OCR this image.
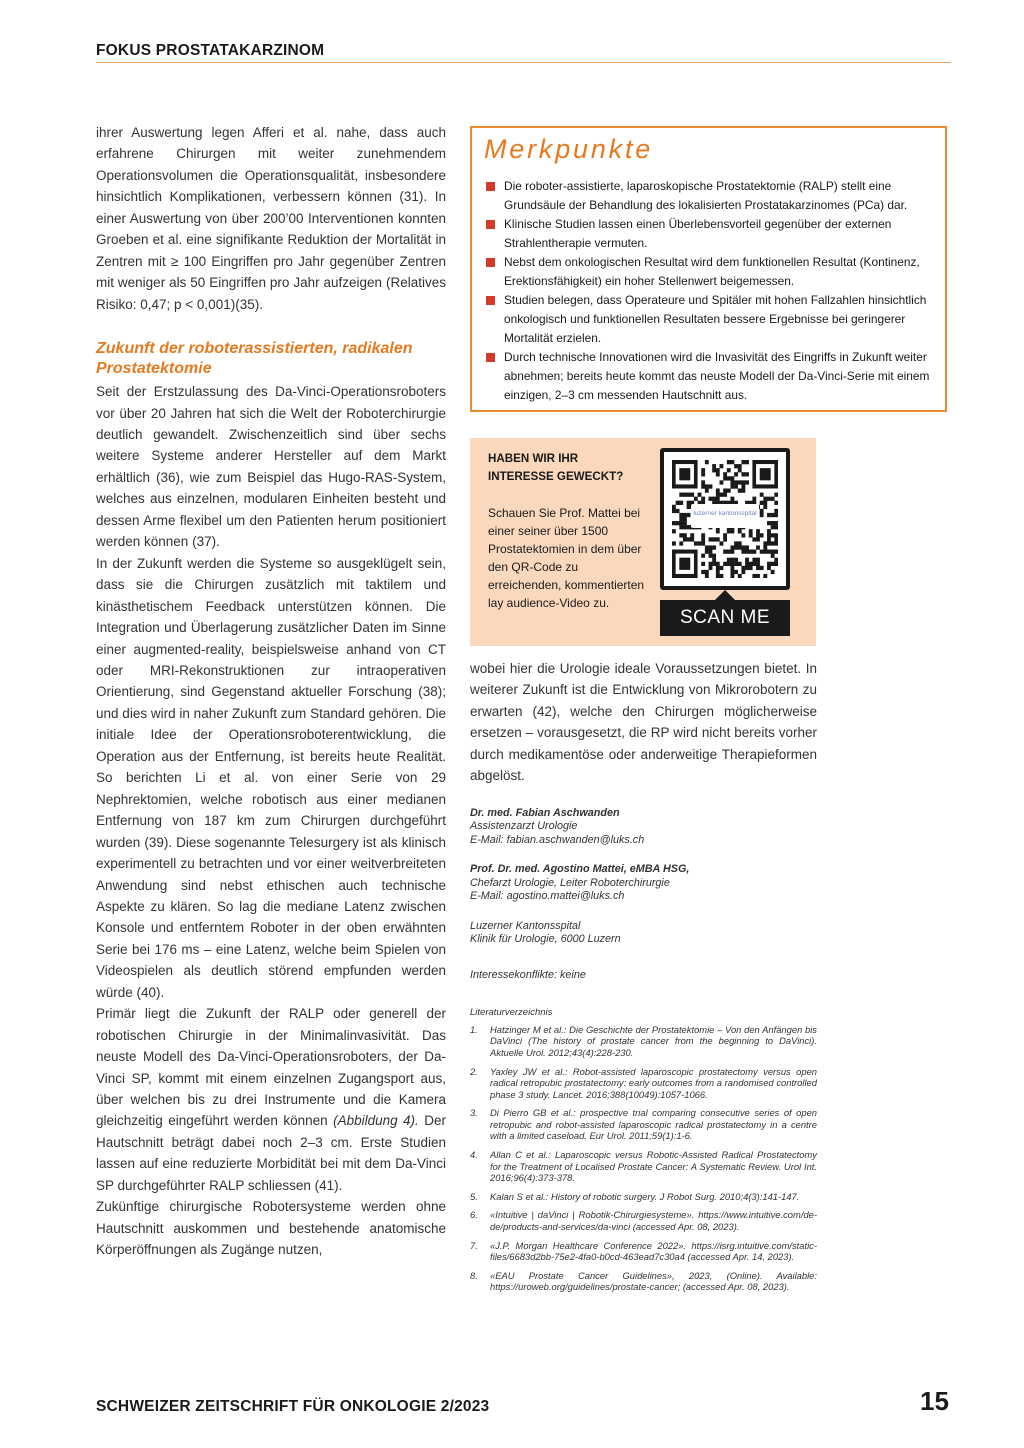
FOKUS PROSTATAKARZINOM

ihrer Auswertung legen Afferi et al. nahe, dass auch erfahrene Chirurgen mit weiter zunehmendem Operationsvolumen die Operationsqualität, insbesondere hinsichtlich Komplikationen, verbessern können (31). In einer Auswertung von über 200’00 Interventionen konnten Groeben et al. eine signifikante Reduktion der Mortalität in Zentren mit ≥ 100 Eingriffen pro Jahr gegenüber Zentren mit weniger als 50 Eingriffen pro Jahr aufzeigen (Relatives Risiko: 0,47; p < 0,001)(35).

Zukunft der roboterassistierten, radikalen Prostatektomie

Seit der Erstzulassung des Da-Vinci-Operationsroboters vor über 20 Jahren hat sich die Welt der Roboterchirurgie deutlich gewandelt. Zwischenzeitlich sind über sechs weitere Systeme anderer Hersteller auf dem Markt erhältlich (36), wie zum Beispiel das Hugo-RAS-System, welches aus einzelnen, modularen Einheiten besteht und dessen Arme flexibel um den Patienten herum positioniert werden können (37).

In der Zukunft werden die Systeme so ausgeklügelt sein, dass sie die Chirurgen zusätzlich mit taktilem und kinästhetischem Feedback unterstützen können. Die Integration und Überlagerung zusätzlicher Daten im Sinne einer augmented-reality, beispielsweise anhand von CT oder MRI-Rekonstruktionen zur intraoperativen Orientierung, sind Gegenstand aktueller Forschung (38); und dies wird in naher Zukunft zum Standard gehören. Die initiale Idee der Operationsroboterentwicklung, die Operation aus der Entfernung, ist bereits heute Realität. So berichten Li et al. von einer Serie von 29 Nephrektomien, welche robotisch aus einer medianen Entfernung von 187 km zum Chirurgen durchgeführt wurden (39). Diese sogenannte Telesurgery ist als klinisch experimentell zu betrachten und vor einer weitverbreiteten Anwendung sind nebst ethischen auch technische Aspekte zu klären. So lag die mediane Latenz zwischen Konsole und entferntem Roboter in der oben erwähnten Serie bei 176 ms – eine Latenz, welche beim Spielen von Videospielen als deutlich störend empfunden werden würde (40).

Primär liegt die Zukunft der RALP oder generell der robotischen Chirurgie in der Minimalinvasivität. Das neuste Modell des Da-Vinci-Operationsroboters, der Da-Vinci SP, kommt mit einem einzelnen Zugangsport aus, über welchen bis zu drei Instrumente und die Kamera gleichzeitig eingeführt werden können (Abbildung 4). Der Hautschnitt beträgt dabei noch 2–3 cm. Erste Studien lassen auf eine reduzierte Morbidität bei mit dem Da-Vinci SP durchgeführter RALP schliessen (41).

Zukünftige chirurgische Robotersysteme werden ohne Hautschnitt auskommen und bestehende anatomische Körperöffnungen als Zugänge nutzen,

Merkpunkte
Die roboter-assistierte, laparoskopische Prostatektomie (RALP) stellt eine Grundsäule der Behandlung des lokalisierten Prostatakarzinomes (PCa) dar.
Klinische Studien lassen einen Überlebensvorteil gegenüber der externen Strahlentherapie vermuten.
Nebst dem onkologischen Resultat wird dem funktionellen Resultat (Kontinenz, Erektionsfähigkeit) ein hoher Stellenwert beigemessen.
Studien belegen, dass Operateure und Spitäler mit hohen Fallzahlen hinsichtlich onkologisch und funktionellen Resultaten bessere Ergebnisse bei geringerer Mortalität erzielen.
Durch technische Innovationen wird die Invasivität des Eingriffs in Zukunft weiter abnehmen; bereits heute kommt das neuste Modell der Da-Vinci-Serie mit einem einzigen, 2–3 cm messenden Hautschnitt aus.
HABEN WIR IHR INTERESSE GEWECKT?
Schauen Sie Prof. Mattei bei einer seiner über 1500 Prostatektomien in dem über den QR-Code zu erreichenden, kommentierten lay audience-Video zu.
luzerner kantonsspital
SCAN ME

wobei hier die Urologie ideale Voraussetzungen bietet. In weiterer Zukunft ist die Entwicklung von Mikrorobotern zu erwarten (42), welche den Chirurgen möglicherweise ersetzen – vorausgesetzt, die RP wird nicht bereits vorher durch medikamentöse oder anderweitige Therapieformen abgelöst.

Dr. med. Fabian Aschwanden
Assistenzarzt Urologie
E-Mail: fabian.aschwanden@luks.ch
Prof. Dr. med. Agostino Mattei, eMBA HSG,
Chefarzt Urologie, Leiter Roboterchirurgie
E-Mail: agostino.mattei@luks.ch
Luzerner Kantonsspital
Klinik für Urologie, 6000 Luzern
Interessekonflikte: keine
Literaturverzeichnis
1. Hatzinger M et al.: Die Geschichte der Prostatektomie – Von den Anfängen bis DaVinci (The history of prostate cancer from the beginning to DaVinci). Aktuelle Urol. 2012;43(4):228-230.
2. Yaxley JW et al.: Robot-assisted laparoscopic prostatectomy versus open radical retropubic prostatectomy: early outcomes from a randomised controlled phase 3 study. Lancet. 2016;388(10049):1057-1066.
3. Di Pierro GB et al.: prospective trial comparing consecutive series of open retropubic and robot-assisted laparoscopic radical prostatectomy in a centre with a limited caseload. Eur Urol. 2011;59(1):1-6.
4. Allan C et al.: Laparoscopic versus Robotic-Assisted Radical Prostatectomy for the Treatment of Localised Prostate Cancer: A Systematic Review. Urol Int. 2016;96(4):373-378.
5. Kalan S et al.: History of robotic surgery. J Robot Surg. 2010;4(3):141-147.
6. «Intuitive | daVinci | Robotik-Chirurgiesysteme». https://www.intuitive.com/de-de/products-and-services/da-vinci (accessed Apr. 08, 2023).
7. «J.P. Morgan Healthcare Conference 2022». https://isrg.intuitive.com/static-files/6683d2bb-75e2-4fa0-b0cd-463ead7c30a4 (accessed Apr. 14, 2023).
8. «EAU Prostate Cancer Guidelines», 2023, (Online). Available: https://uroweb.org/guidelines/prostate-cancer; (accessed Apr. 08, 2023).
SCHWEIZER ZEITSCHRIFT FÜR ONKOLOGIE 2/2023	15
